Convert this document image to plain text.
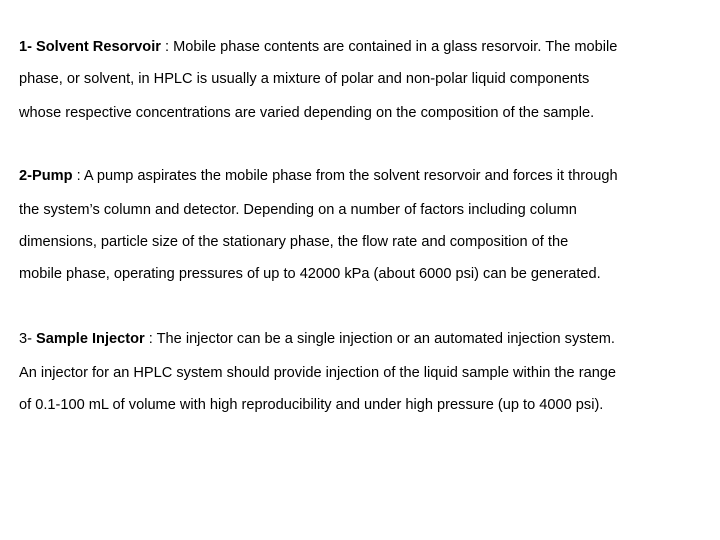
1- Solvent Resorvoir : Mobile phase contents are contained in a glass resorvoir. The mobile
phase, or solvent, in HPLC is usually a mixture of polar and non-polar liquid components
whose respective concentrations are varied depending on the composition of the sample.
2-Pump : A pump aspirates the mobile phase from the solvent resorvoir and forces it through
the system’s column and detector. Depending on a number of factors including column
dimensions, particle size of the stationary phase, the flow rate and composition of the
mobile phase, operating pressures of up to 42000 kPa (about 6000 psi) can be generated.
3- Sample Injector : The injector can be a single injection or an automated injection system.
An injector for an HPLC system should provide injection of the liquid sample within the range
of 0.1-100 mL of volume with high reproducibility and under high pressure (up to 4000 psi).
